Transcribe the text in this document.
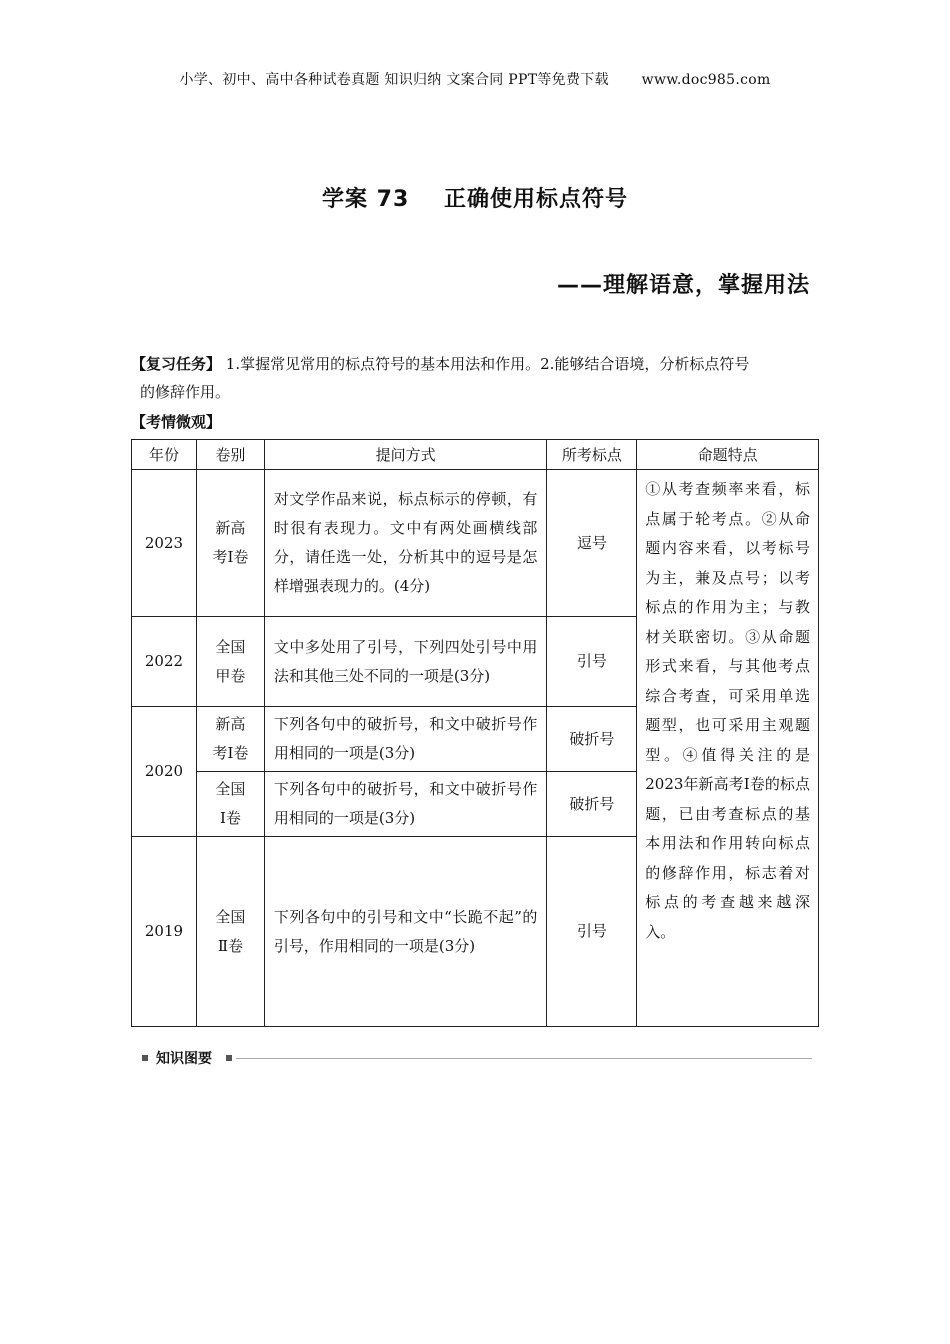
小学、初中、高中各种试卷真题 知识归纳 文案合同 PPT等免费下载 www.doc985.com
学案 73 正确使用标点符号
——理解语意，掌握用法
【复习任务】 1.掌握常见常用的标点符号的基本用法和作用。2.能够结合语境，分析标点符号
的修辞作用。
【考情微观】
年份	卷别	提问方式	所考标点	命题特点
2023	新高考Ⅰ卷	对文学作品来说，标点标示的停顿，有时很有表现力。文中有两处画横线部分，请任选一处，分析其中的逗号是怎样增强表现力的。(4分)	逗号	①从考查频率来看，标点属于轮考点。②从命题内容来看，以考标号为主，兼及点号；以考标点的作用为主；与教材关联密切。③从命题形式来看，与其他考点综合考查，可采用单选题型，也可采用主观题型。④值得关注的是2023年新高考Ⅰ卷的标点题，已由考查标点的基本用法和作用转向标点的修辞作用，标志着对标点的考查越来越深入。
2022	全国甲卷	文中多处用了引号，下列四处引号中用法和其他三处不同的一项是(3分)	引号	
2020	新高考Ⅰ卷	下列各句中的破折号，和文中破折号作用相同的一项是(3分)	破折号	
	全国Ⅰ卷	下列各句中的破折号，和文中破折号作用相同的一项是(3分)	破折号	
2019	全国Ⅱ卷	下列各句中的引号和文中“长跪不起”的引号，作用相同的一项是(3分)	引号	
知识图要
